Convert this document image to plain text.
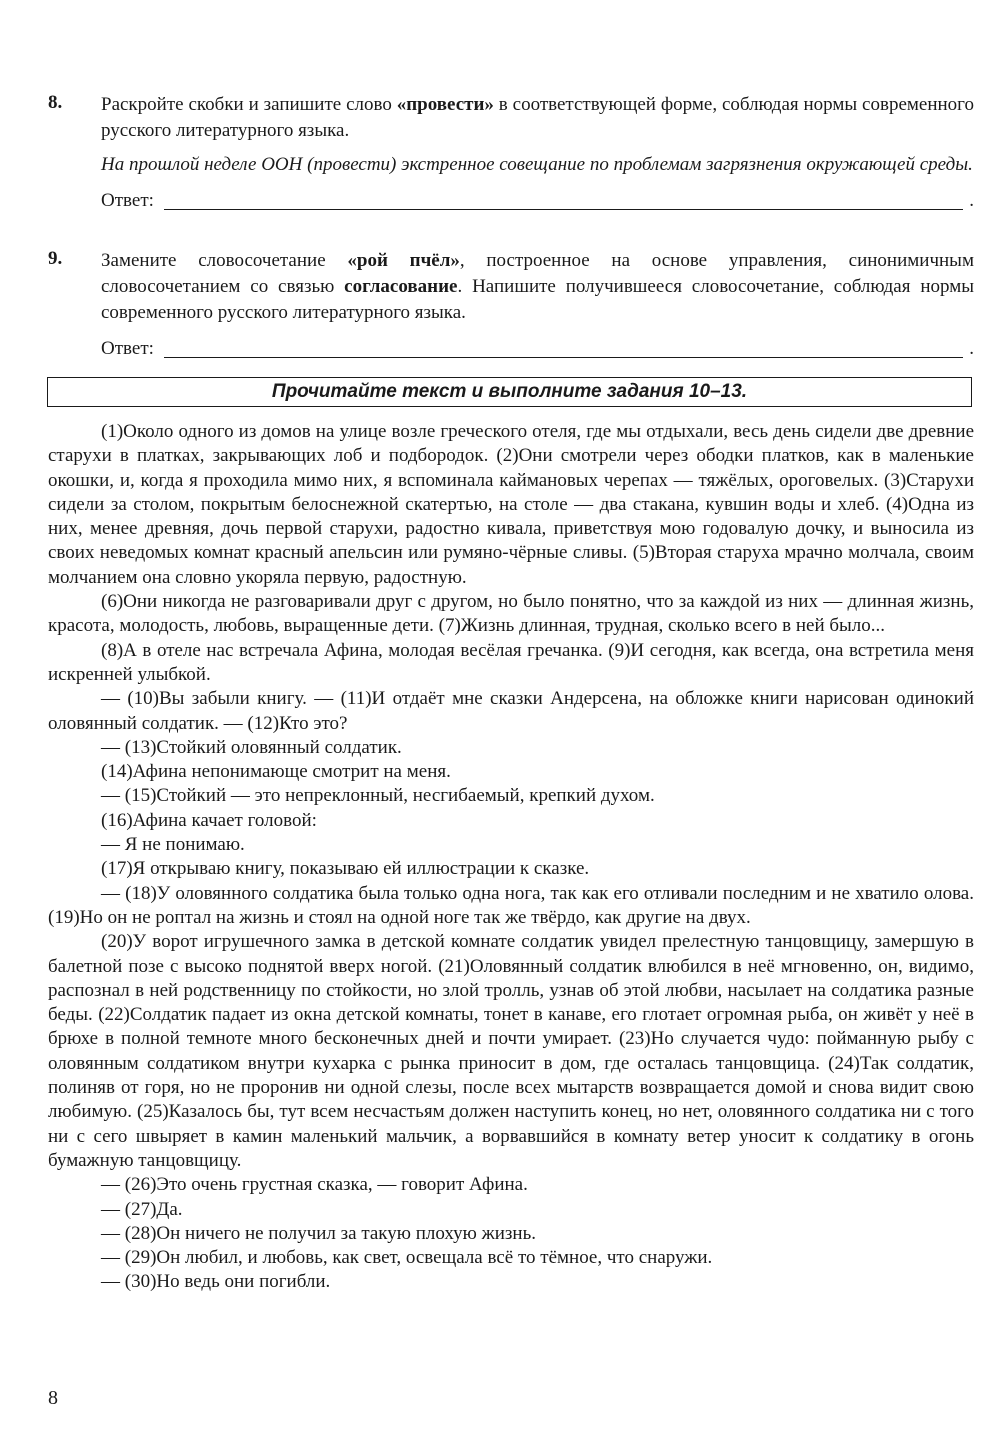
8. Раскройте скобки и запишите слово «провести» в соответствующей форме, соблюдая нормы современного русского литературного языка.

На прошлой неделе ООН (провести) экстренное совещание по проблемам загрязнения окружающей среды.

Ответ:	.
9. Замените словосочетание «рой пчёл», построенное на основе управления, синонимичным словосочетанием со связью согласование. Напишите получившееся словосочетание, соблюдая нормы современного русского литературного языка.

Ответ:	.
Прочитайте текст и выполните задания 10–13.

(1)Около одного из домов на улице возле греческого отеля, где мы отдыхали, весь день сидели две древние старухи в платках, закрывающих лоб и подбородок. (2)Они смотрели через ободки платков, как в маленькие окошки, и, когда я проходила мимо них, я вспоминала каймановых черепах — тяжёлых, ороговелых. (3)Старухи сидели за столом, покрытым белоснежной скатертью, на столе — два стакана, кувшин воды и хлеб. (4)Одна из них, менее древняя, дочь первой старухи, радостно кивала, приветствуя мою годовалую дочку, и выносила из своих неведомых комнат красный апельсин или румяно-чёрные сливы. (5)Вторая старуха мрачно молчала, своим молчанием она словно укоряла первую, радостную.

(6)Они никогда не разговаривали друг с другом, но было понятно, что за каждой из них — длинная жизнь, красота, молодость, любовь, выращенные дети. (7)Жизнь длинная, трудная, сколько всего в ней было...

(8)А в отеле нас встречала Афина, молодая весёлая гречанка. (9)И сегодня, как всегда, она встретила меня искренней улыбкой.

— (10)Вы забыли книгу. — (11)И отдаёт мне сказки Андерсена, на обложке книги нарисован одинокий оловянный солдатик. — (12)Кто это?

— (13)Стойкий оловянный солдатик.

(14)Афина непонимающе смотрит на меня.

— (15)Стойкий — это непреклонный, несгибаемый, крепкий духом.

(16)Афина качает головой:

— Я не понимаю.

(17)Я открываю книгу, показываю ей иллюстрации к сказке.

— (18)У оловянного солдатика была только одна нога, так как его отливали последним и не хватило олова. (19)Но он не роптал на жизнь и стоял на одной ноге так же твёрдо, как другие на двух.

(20)У ворот игрушечного замка в детской комнате солдатик увидел прелестную танцовщицу, замершую в балетной позе с высоко поднятой вверх ногой. (21)Оловянный солдатик влюбился в неё мгновенно, он, видимо, распознал в ней родственницу по стойкости, но злой тролль, узнав об этой любви, насылает на солдатика разные беды. (22)Солдатик падает из окна детской комнаты, тонет в канаве, его глотает огромная рыба, он живёт у неё в брюхе в полной темноте много бесконечных дней и почти умирает. (23)Но случается чудо: пойманную рыбу с оловянным солдатиком внутри кухарка с рынка приносит в дом, где осталась танцовщица. (24)Так солдатик, полиняв от горя, но не проронив ни одной слезы, после всех мытарств возвращается домой и снова видит свою любимую. (25)Казалось бы, тут всем несчастьям должен наступить конец, но нет, оловянного солдатика ни с того ни с сего швыряет в камин маленький мальчик, а ворвавшийся в комнату ветер уносит к солдатику в огонь бумажную танцовщицу.

— (26)Это очень грустная сказка, — говорит Афина.

— (27)Да.

— (28)Он ничего не получил за такую плохую жизнь.

— (29)Он любил, и любовь, как свет, освещала всё то тёмное, что снаружи.

— (30)Но ведь они погибли.

8
